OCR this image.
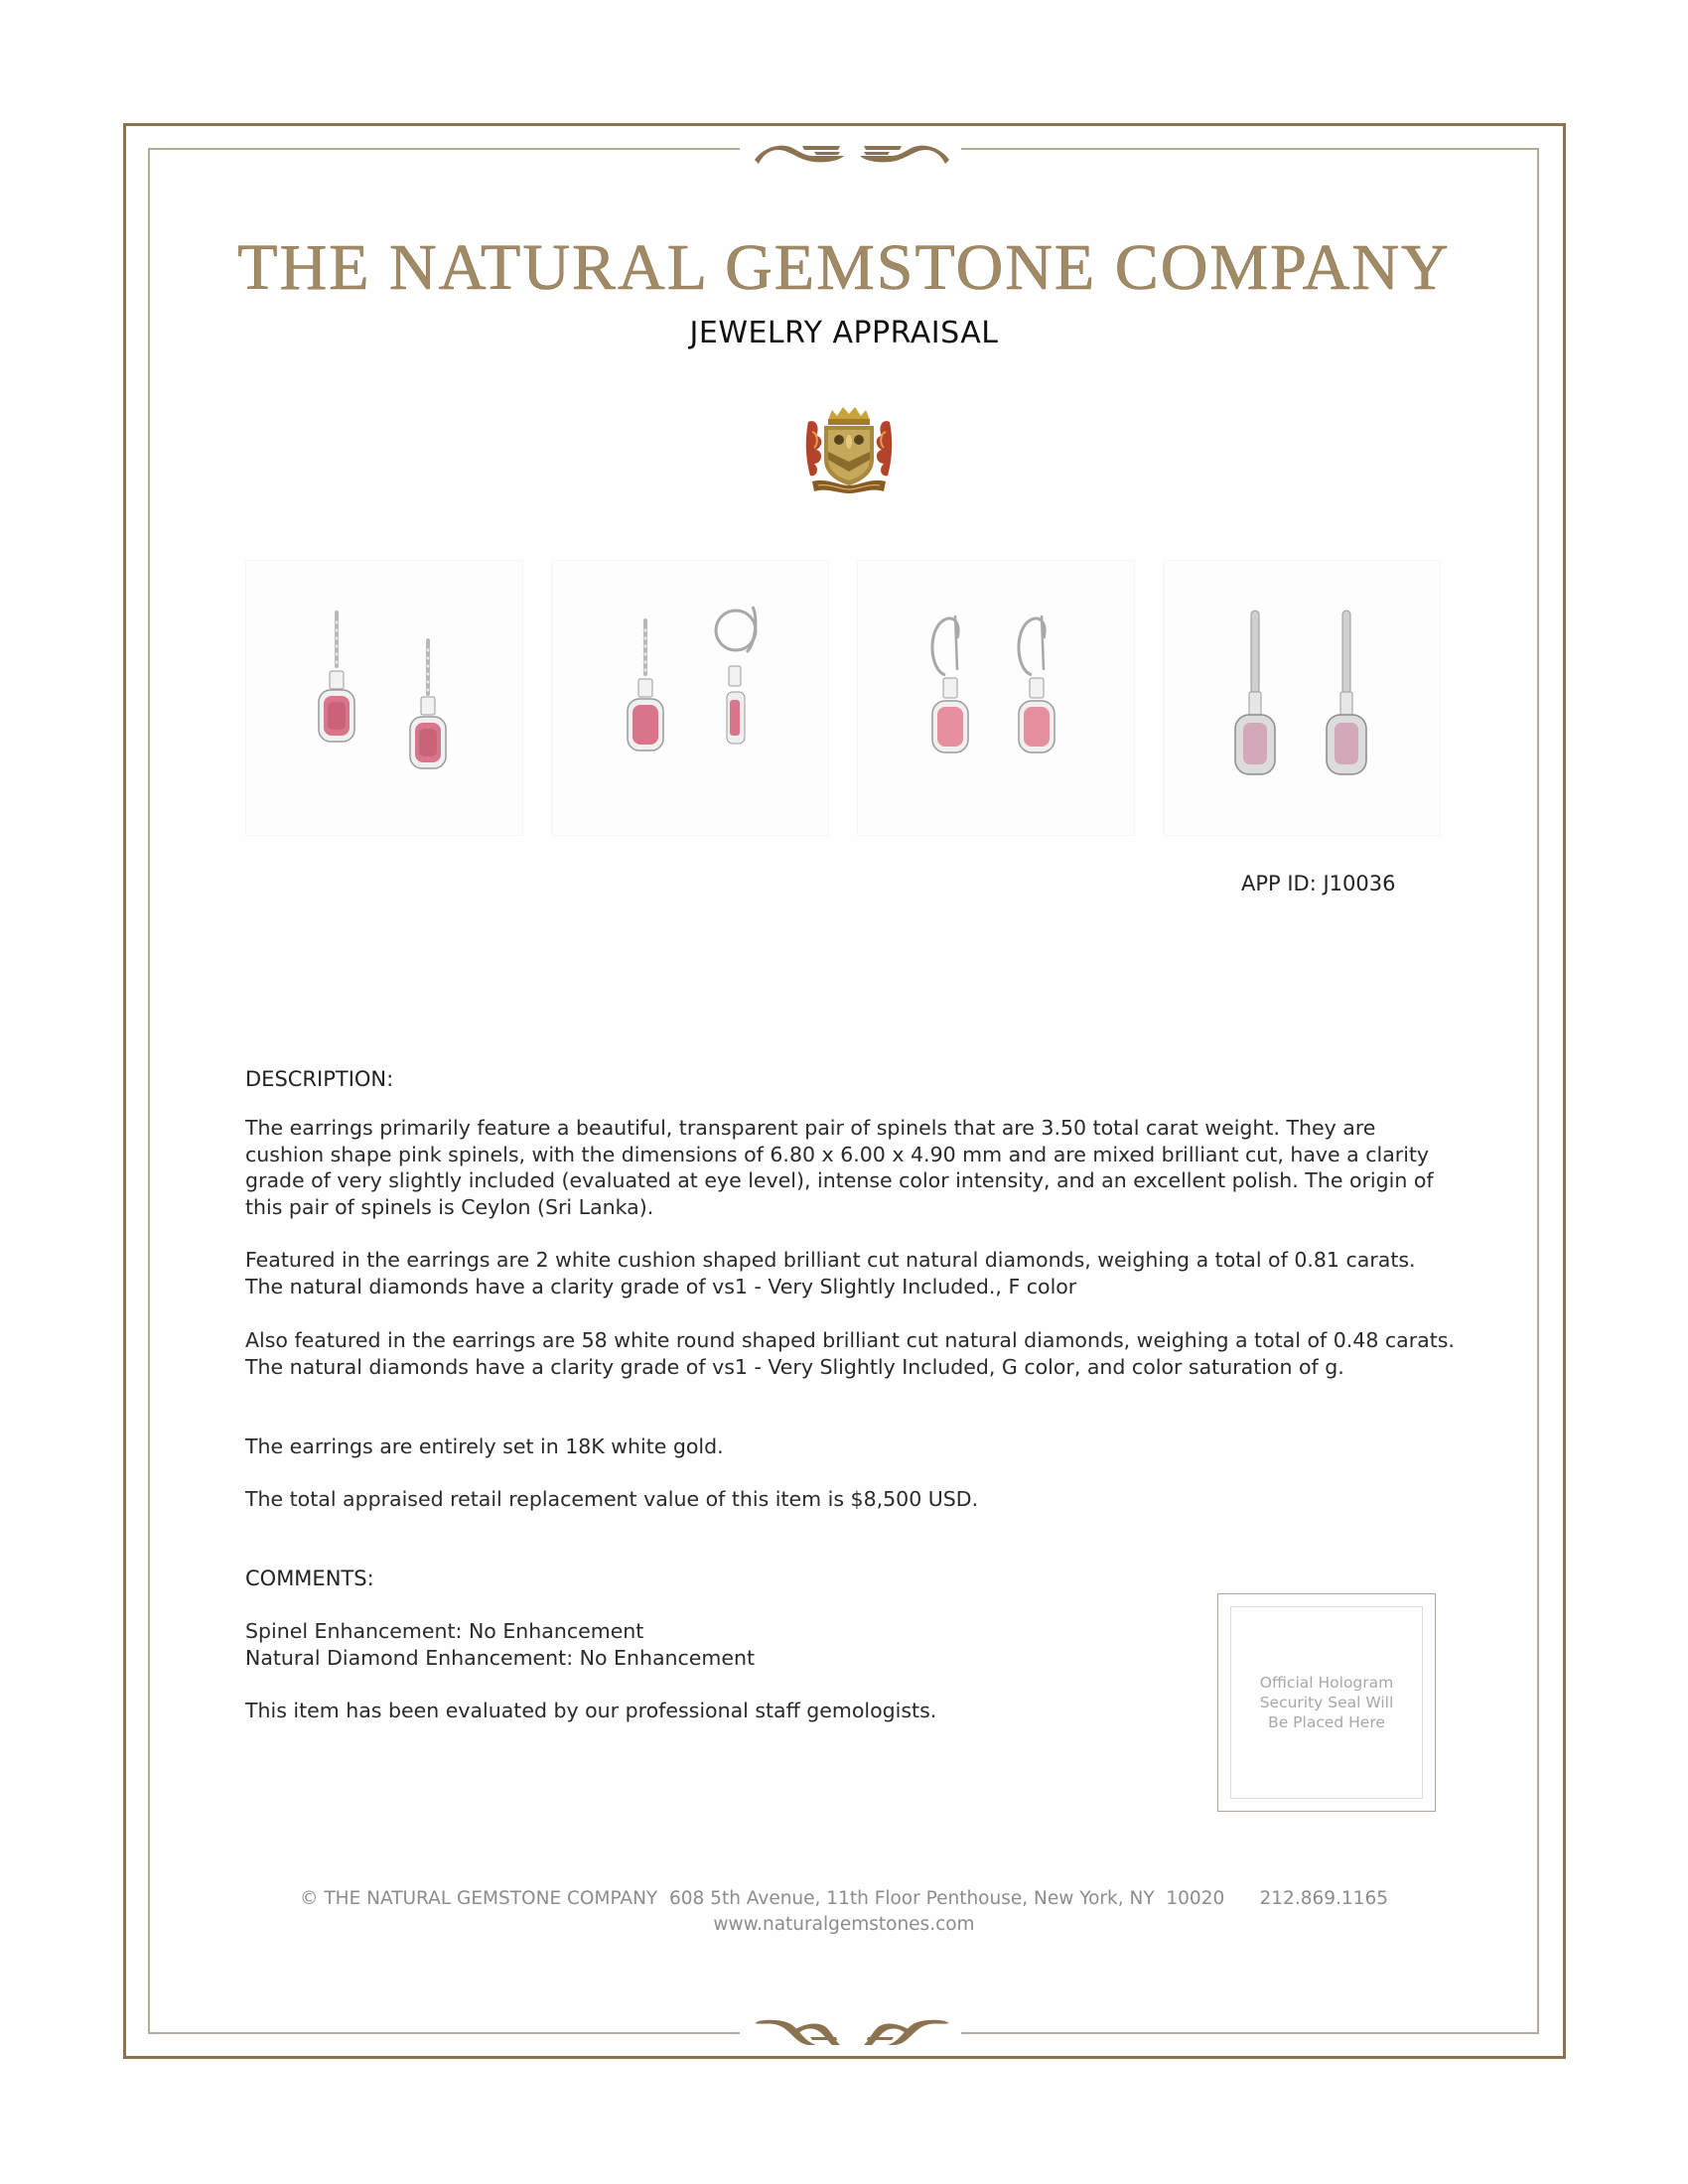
THE NATURAL GEMSTONE COMPANY
JEWELRY APPRAISAL
APP ID: J10036
DESCRIPTION:
The earrings primarily feature a beautiful, transparent pair of spinels that are 3.50 total carat weight. They are cushion shape pink spinels, with the dimensions of 6.80 x 6.00 x 4.90 mm and are mixed brilliant cut, have a clarity grade of very slightly included (evaluated at eye level), intense color intensity, and an excellent polish. The origin of this pair of spinels is Ceylon (Sri Lanka).
Featured in the earrings are 2 white cushion shaped brilliant cut natural diamonds, weighing a total of 0.81 carats. The natural diamonds have a clarity grade of vs1 - Very Slightly Included., F color
Also featured in the earrings are 58 white round shaped brilliant cut natural diamonds, weighing a total of 0.48 carats. The natural diamonds have a clarity grade of vs1 - Very Slightly Included, G color, and color saturation of g.
The earrings are entirely set in 18K white gold.
The total appraised retail replacement value of this item is $8,500 USD.
COMMENTS:
Spinel Enhancement: No Enhancement
Natural Diamond Enhancement: No Enhancement
This item has been evaluated by our professional staff gemologists.
Official Hologram
Security Seal Will
Be Placed Here
© THE NATURAL GEMSTONE COMPANY  608 5th Avenue, 11th Floor Penthouse, New York, NY  10020      212.869.1165
www.naturalgemstones.com
